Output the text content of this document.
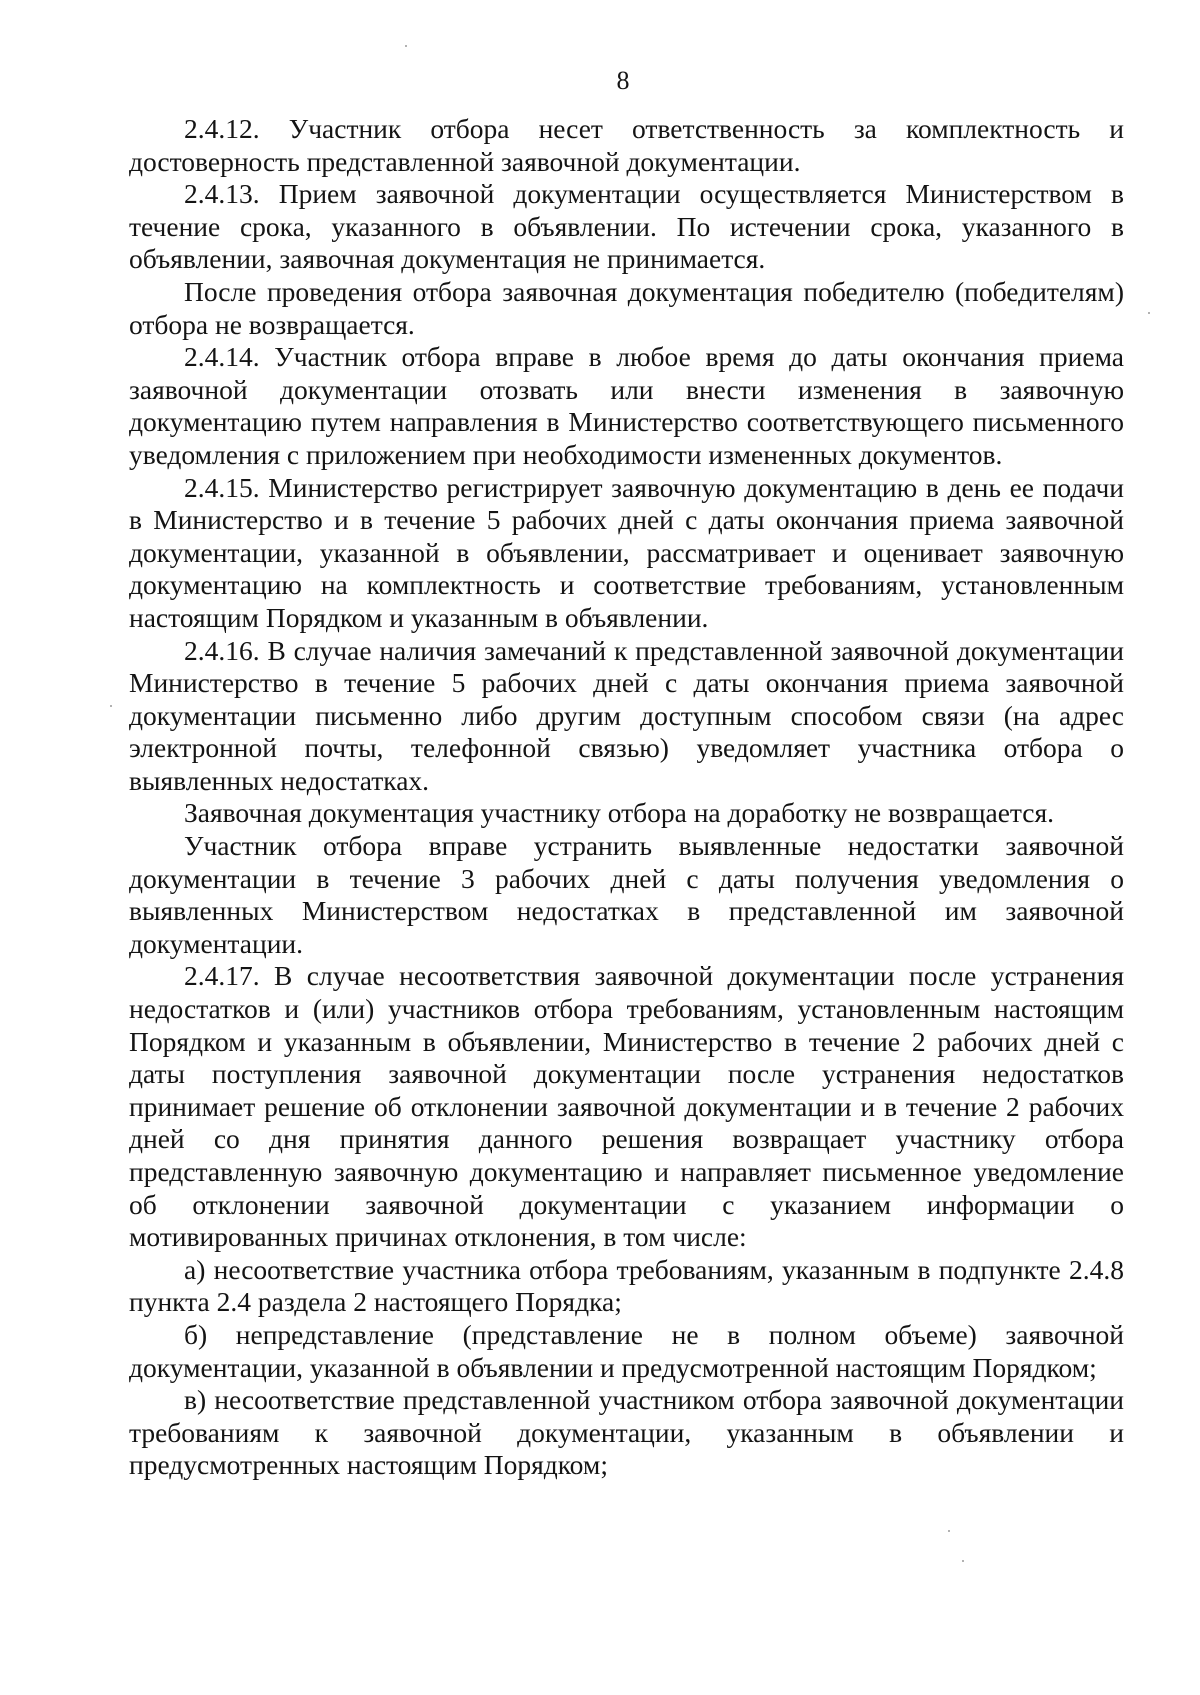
8

2.4.12. Участник отбора несет ответственность за комплектность и достоверность представленной заявочной документации.

2.4.13. Прием заявочной документации осуществляется Министерством в течение срока, указанного в объявлении. По истечении срока, указанного в объявлении, заявочная документация не принимается.

После проведения отбора заявочная документация победителю (победителям) отбора не возвращается.

2.4.14. Участник отбора вправе в любое время до даты окончания приема заявочной документации отозвать или внести изменения в заявочную документацию путем направления в Министерство соответствующего письменного уведомления с приложением при необходимости измененных документов.

2.4.15. Министерство регистрирует заявочную документацию в день ее подачи в Министерство и в течение 5 рабочих дней с даты окончания приема заявочной документации, указанной в объявлении, рассматривает и оценивает заявочную документацию на комплектность и соответствие требованиям, установленным настоящим Порядком и указанным в объявлении.

2.4.16. В случае наличия замечаний к представленной заявочной документации Министерство в течение 5 рабочих дней с даты окончания приема заявочной документации письменно либо другим доступным способом связи (на адрес электронной почты, телефонной связью) уведомляет участника отбора о выявленных недостатках.

Заявочная документация участнику отбора на доработку не возвращается.

Участник отбора вправе устранить выявленные недостатки заявочной документации в течение 3 рабочих дней с даты получения уведомления о выявленных Министерством недостатках в представленной им заявочной документации.

2.4.17. В случае несоответствия заявочной документации после устранения недостатков и (или) участников отбора требованиям, установленным настоящим Порядком и указанным в объявлении, Министерство в течение 2 рабочих дней с даты поступления заявочной документации после устранения недостатков принимает решение об отклонении заявочной документации и в течение 2 рабочих дней со дня принятия данного решения возвращает участнику отбора представленную заявочную документацию и направляет письменное уведомление об отклонении заявочной документации с указанием информации о мотивированных причинах отклонения, в том числе:

а) несоответствие участника отбора требованиям, указанным в подпункте 2.4.8 пункта 2.4 раздела 2 настоящего Порядка;

б) непредставление (представление не в полном объеме) заявочной документации, указанной в объявлении и предусмотренной настоящим Порядком;

в) несоответствие представленной участником отбора заявочной документации требованиям к заявочной документации, указанным в объявлении и предусмотренных настоящим Порядком;
